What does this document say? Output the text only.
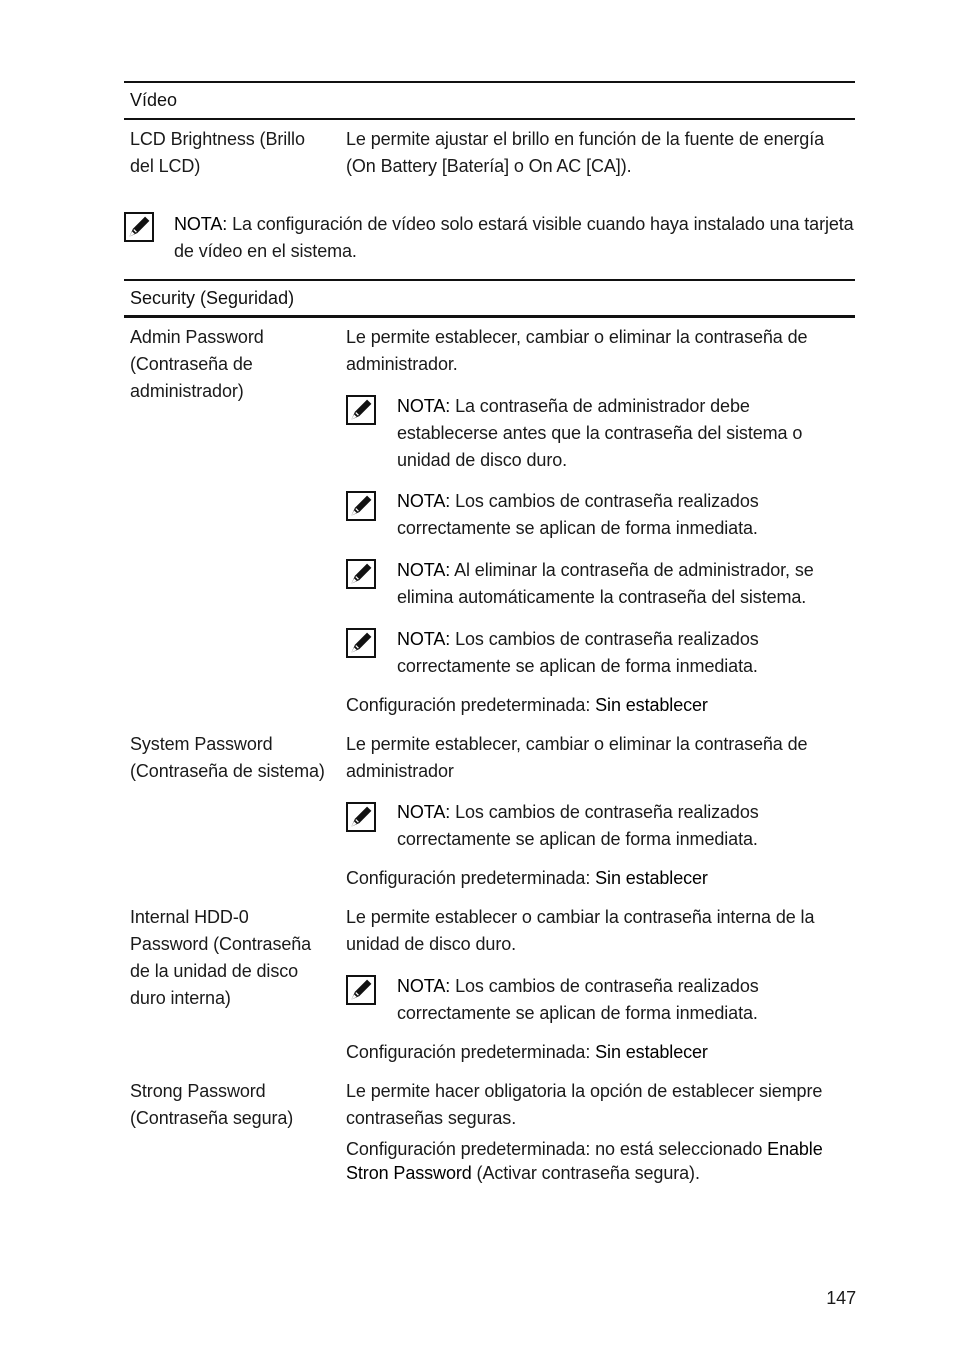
Vídeo
LCD Brightness (Brillo del LCD)
Le permite ajustar el brillo en función de la fuente de energía (On Battery [Batería] o On AC [CA]).
NOTA: La configuración de vídeo solo estará visible cuando haya instalado una tarjeta de vídeo en el sistema.
Security (Seguridad)
Admin Password (Contraseña de administrador)
Le permite establecer, cambiar o eliminar la contraseña de administrador.
NOTA: La contraseña de administrador debe establecerse antes que la contraseña del sistema o unidad de disco duro.
NOTA: Los cambios de contraseña realizados correctamente se aplican de forma inmediata.
NOTA: Al eliminar la contraseña de administrador, se elimina automáticamente la contraseña del sistema.
NOTA: Los cambios de contraseña realizados correctamente se aplican de forma inmediata.
Configuración predeterminada: Sin establecer
System Password (Contraseña de sistema)
Le permite establecer, cambiar o eliminar la contraseña de administrador
NOTA: Los cambios de contraseña realizados correctamente se aplican de forma inmediata.
Configuración predeterminada: Sin establecer
Internal HDD-0 Password (Contraseña de la unidad de disco duro interna)
Le permite establecer o cambiar la contraseña interna de la unidad de disco duro.
NOTA: Los cambios de contraseña realizados correctamente se aplican de forma inmediata.
Configuración predeterminada: Sin establecer
Strong Password (Contraseña segura)
Le permite hacer obligatoria la opción de establecer siempre contraseñas seguras.
Configuración predeterminada: no está seleccionado Enable Stron Password (Activar contraseña segura).
147
